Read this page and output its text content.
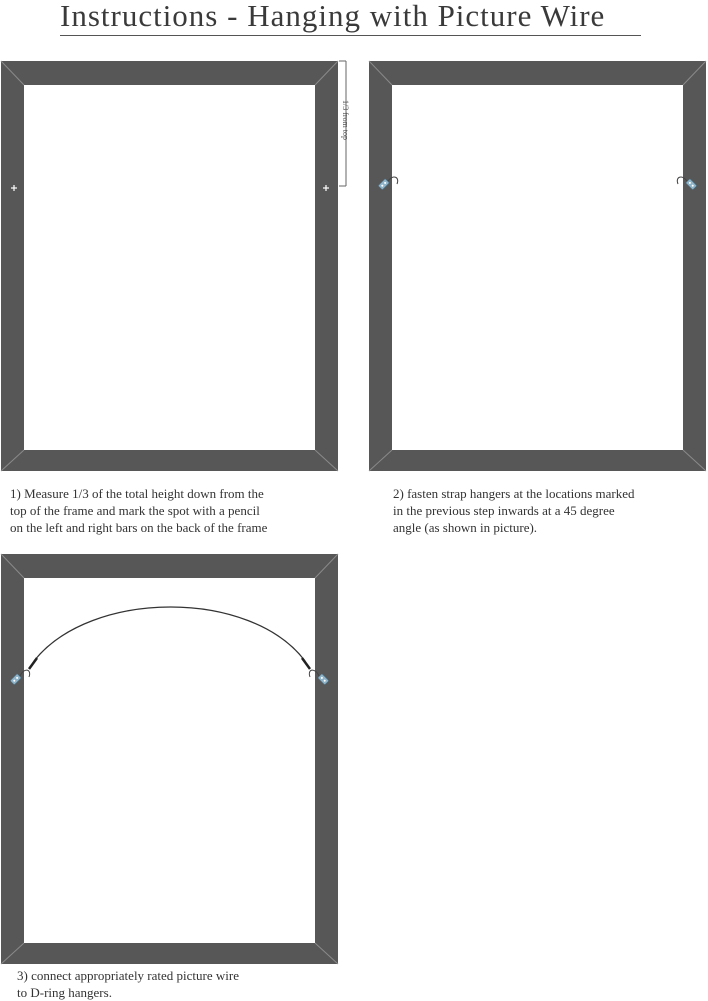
Instructions - Hanging with Picture Wire
1/3 from top
1) Measure 1/3 of the total height down from the
top of the frame and mark the spot with a pencil
on the left and right bars on the back of the frame
2) fasten strap hangers at the locations marked
in the previous step inwards at a 45 degree
angle (as shown in picture).
3) connect appropriately rated picture wire
to D-ring hangers.
